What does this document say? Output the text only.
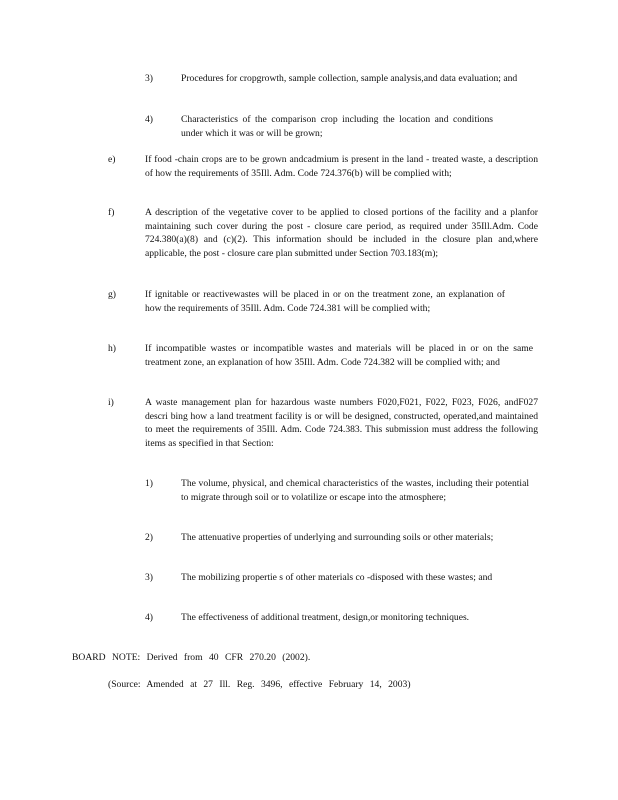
3)	Procedures for cropgrowth, sample collection, sample analysis,and data evaluation; and
4)	Characteristics of the comparison crop including the location and conditions under which it was or will be grown;
e)	If food -chain crops are to be grown andcadmium is present in the land - treated waste, a description of how the requirements of 35Ill. Adm. Code 724.376(b) will be complied with;
f)	A description of the vegetative cover to be applied to closed portions of the facility and a planfor maintaining such cover during the post - closure care period, as required under 35Ill.Adm. Code 724.380(a)(8) and (c)(2). This information should be included in the closure plan and,where applicable, the post - closure care plan submitted under Section 703.183(m);
g)	If ignitable or reactivewastes will be placed in or on the treatment zone, an explanation of how the requirements of 35Ill. Adm. Code 724.381 will be complied with;
h)	If incompatible wastes or incompatible wastes and materials will be placed in or on the same treatment zone, an explanation of how 35Ill. Adm. Code 724.382 will be complied with; and
i)	A waste management plan for hazardous waste numbers F020,F021, F022, F023, F026, andF027 descri bing how a land treatment facility is or will be designed, constructed, operated,and maintained to meet the requirements of 35Ill. Adm. Code 724.383. This submission must address the following items as specified in that Section:
1)	The volume, physical, and chemical characteristics of the wastes, including their potential to migrate through soil or to volatilize or escape into the atmosphere;
2)	The attenuative properties of underlying and surrounding soils or other materials;
3)	The mobilizing propertie s of other materials co -disposed with these wastes; and
4)	The effectiveness of additional treatment, design,or monitoring techniques.
BOARD NOTE: Derived from 40 CFR 270.20 (2002).
(Source: Amended at 27 Ill. Reg. 3496, effective February 14, 2003)
